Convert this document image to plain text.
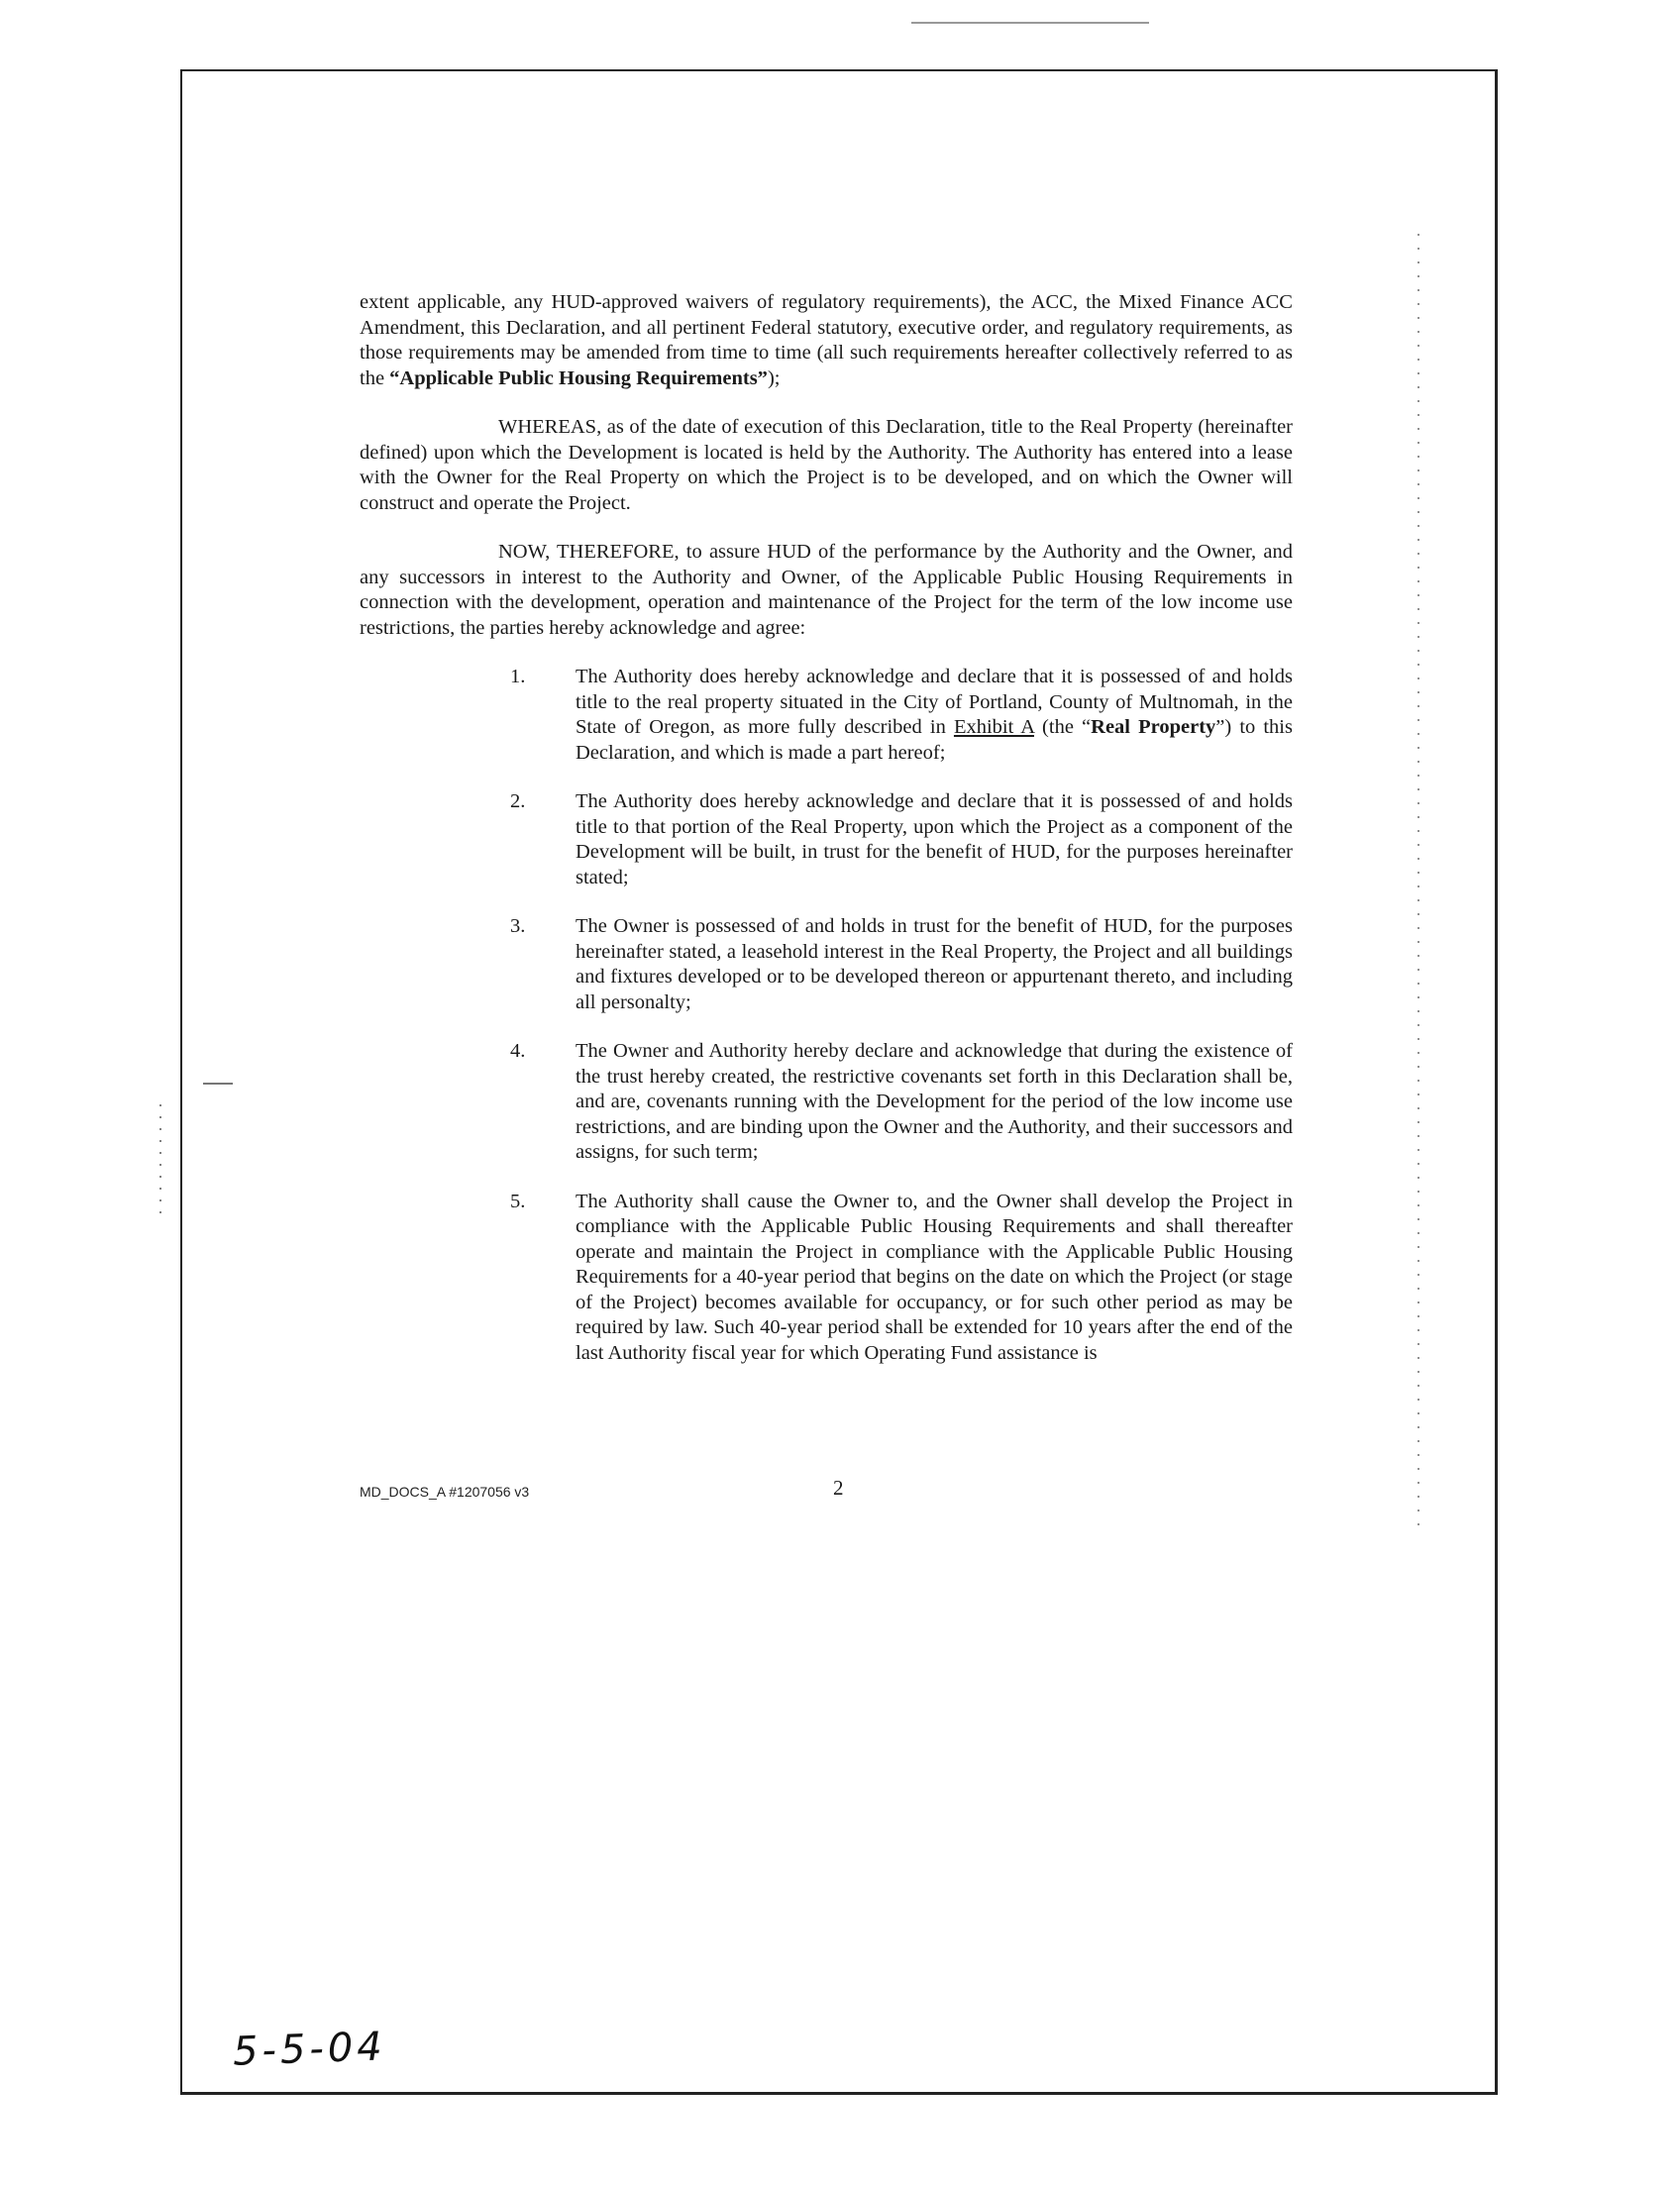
extent applicable, any HUD-approved waivers of regulatory requirements), the ACC, the Mixed Finance ACC Amendment, this Declaration, and all pertinent Federal statutory, executive order, and regulatory requirements, as those requirements may be amended from time to time (all such requirements hereafter collectively referred to as the “Applicable Public Housing Requirements”);

WHEREAS, as of the date of execution of this Declaration, title to the Real Property (hereinafter defined) upon which the Development is located is held by the Authority. The Authority has entered into a lease with the Owner for the Real Property on which the Project is to be developed, and on which the Owner will construct and operate the Project.

NOW, THEREFORE, to assure HUD of the performance by the Authority and the Owner, and any successors in interest to the Authority and Owner, of the Applicable Public Housing Requirements in connection with the development, operation and maintenance of the Project for the term of the low income use restrictions, the parties hereby acknowledge and agree:

1. The Authority does hereby acknowledge and declare that it is possessed of and holds title to the real property situated in the City of Portland, County of Multnomah, in the State of Oregon, as more fully described in Exhibit A (the “Real Property”) to this Declaration, and which is made a part hereof;
2. The Authority does hereby acknowledge and declare that it is possessed of and holds title to that portion of the Real Property, upon which the Project as a component of the Development will be built, in trust for the benefit of HUD, for the purposes hereinafter stated;
3. The Owner is possessed of and holds in trust for the benefit of HUD, for the purposes hereinafter stated, a leasehold interest in the Real Property, the Project and all buildings and fixtures developed or to be developed thereon or appurtenant thereto, and including all personalty;
4. The Owner and Authority hereby declare and acknowledge that during the existence of the trust hereby created, the restrictive covenants set forth in this Declaration shall be, and are, covenants running with the Development for the period of the low income use restrictions, and are binding upon the Owner and the Authority, and their successors and assigns, for such term;
5. The Authority shall cause the Owner to, and the Owner shall develop the Project in compliance with the Applicable Public Housing Requirements and shall thereafter operate and maintain the Project in compliance with the Applicable Public Housing Requirements for a 40-year period that begins on the date on which the Project (or stage of the Project) becomes available for occupancy, or for such other period as may be required by law. Such 40-year period shall be extended for 10 years after the end of the last Authority fiscal year for which Operating Fund assistance is
MD_DOCS_A #1207056 v3	2
5-5-04
